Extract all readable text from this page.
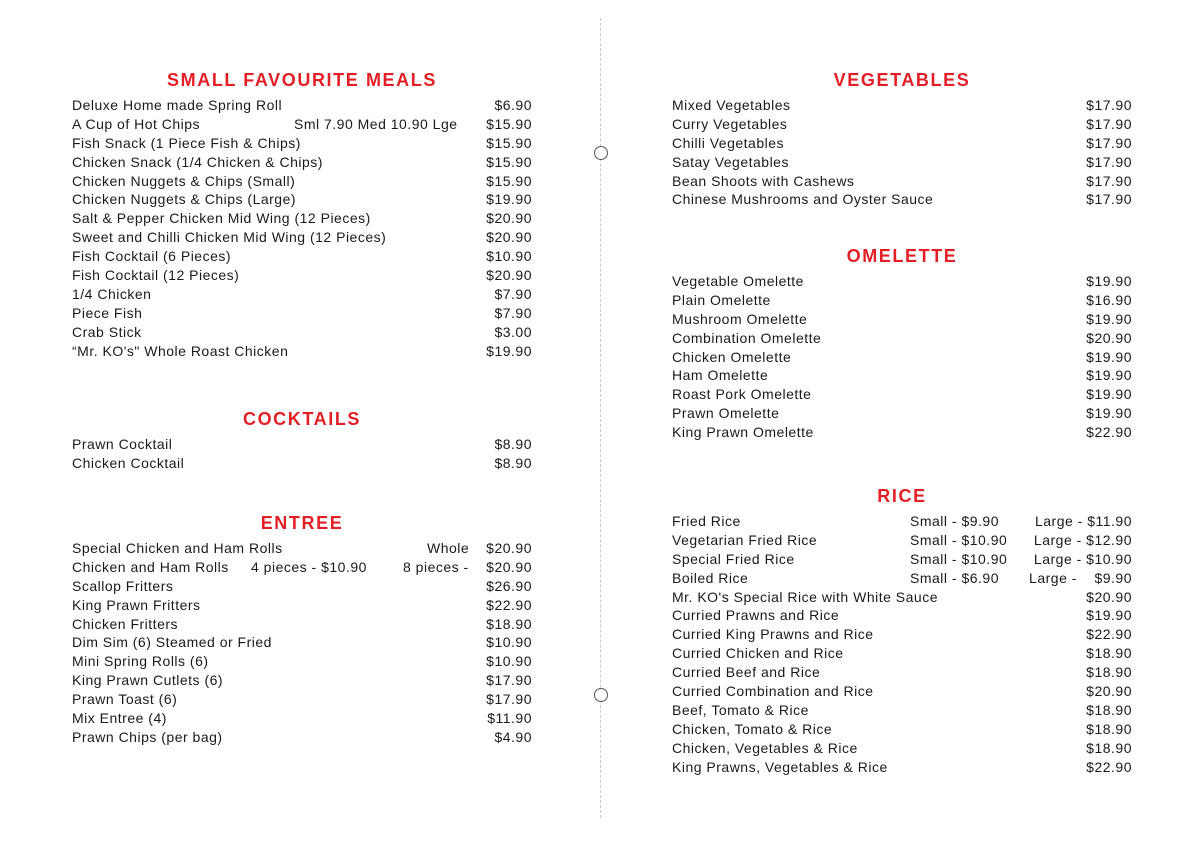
SMALL FAVOURITE MEALS
Deluxe Home made Spring Roll	$6.90
A Cup of Hot Chips	Sml 7.90 Med 10.90 Lge $15.90
Fish Snack (1 Piece Fish & Chips)	$15.90
Chicken Snack (1/4 Chicken & Chips)	$15.90
Chicken Nuggets & Chips (Small)	$15.90
Chicken Nuggets & Chips (Large)	$19.90
Salt & Pepper Chicken Mid Wing (12 Pieces)	$20.90
Sweet and Chilli Chicken Mid Wing (12 Pieces)	$20.90
Fish Cocktail (6 Pieces)	$10.90
Fish Cocktail (12 Pieces)	$20.90
1/4 Chicken	$7.90
Piece Fish	$7.90
Crab Stick	$3.00
“Mr. KO's" Whole Roast Chicken	$19.90
COCKTAILS
Prawn Cocktail	$8.90
Chicken Cocktail	$8.90
ENTREE
Special Chicken and Ham Rolls	Whole $20.90
Chicken and Ham Rolls 4 pieces - $10.90	8 pieces - $20.90
Scallop Fritters	$26.90
King Prawn Fritters	$22.90
Chicken Fritters	$18.90
Dim Sim (6) Steamed or Fried	$10.90
Mini Spring Rolls (6)	$10.90
King Prawn Cutlets (6)	$17.90
Prawn Toast (6)	$17.90
Mix Entree (4)	$11.90
Prawn Chips (per bag)	$4.90
VEGETABLES
Mixed Vegetables	$17.90
Curry Vegetables	$17.90
Chilli Vegetables	$17.90
Satay Vegetables	$17.90
Bean Shoots with Cashews	$17.90
Chinese Mushrooms and Oyster Sauce	$17.90
OMELETTE
Vegetable Omelette	$19.90
Plain Omelette	$16.90
Mushroom Omelette	$19.90
Combination Omelette	$20.90
Chicken Omelette	$19.90
Ham Omelette	$19.90
Roast Pork Omelette	$19.90
Prawn Omelette	$19.90
King Prawn Omelette	$22.90
RICE
Fried Rice	Small - $9.90	Large - $11.90
Vegetarian Fried Rice	Small - $10.90 Large - $12.90
Special Fried Rice	Small - $10.90 Large - $10.90
Boiled Rice	Small - $6.90 Large -    $9.90
Mr. KO's Special Rice with White Sauce	$20.90
Curried Prawns and Rice	$19.90
Curried King Prawns and Rice	$22.90
Curried Chicken and Rice	$18.90
Curried Beef and Rice	$18.90
Curried Combination and Rice	$20.90
Beef, Tomato & Rice	$18.90
Chicken, Tomato & Rice	$18.90
Chicken, Vegetables & Rice	$18.90
King Prawns, Vegetables & Rice	$22.90
